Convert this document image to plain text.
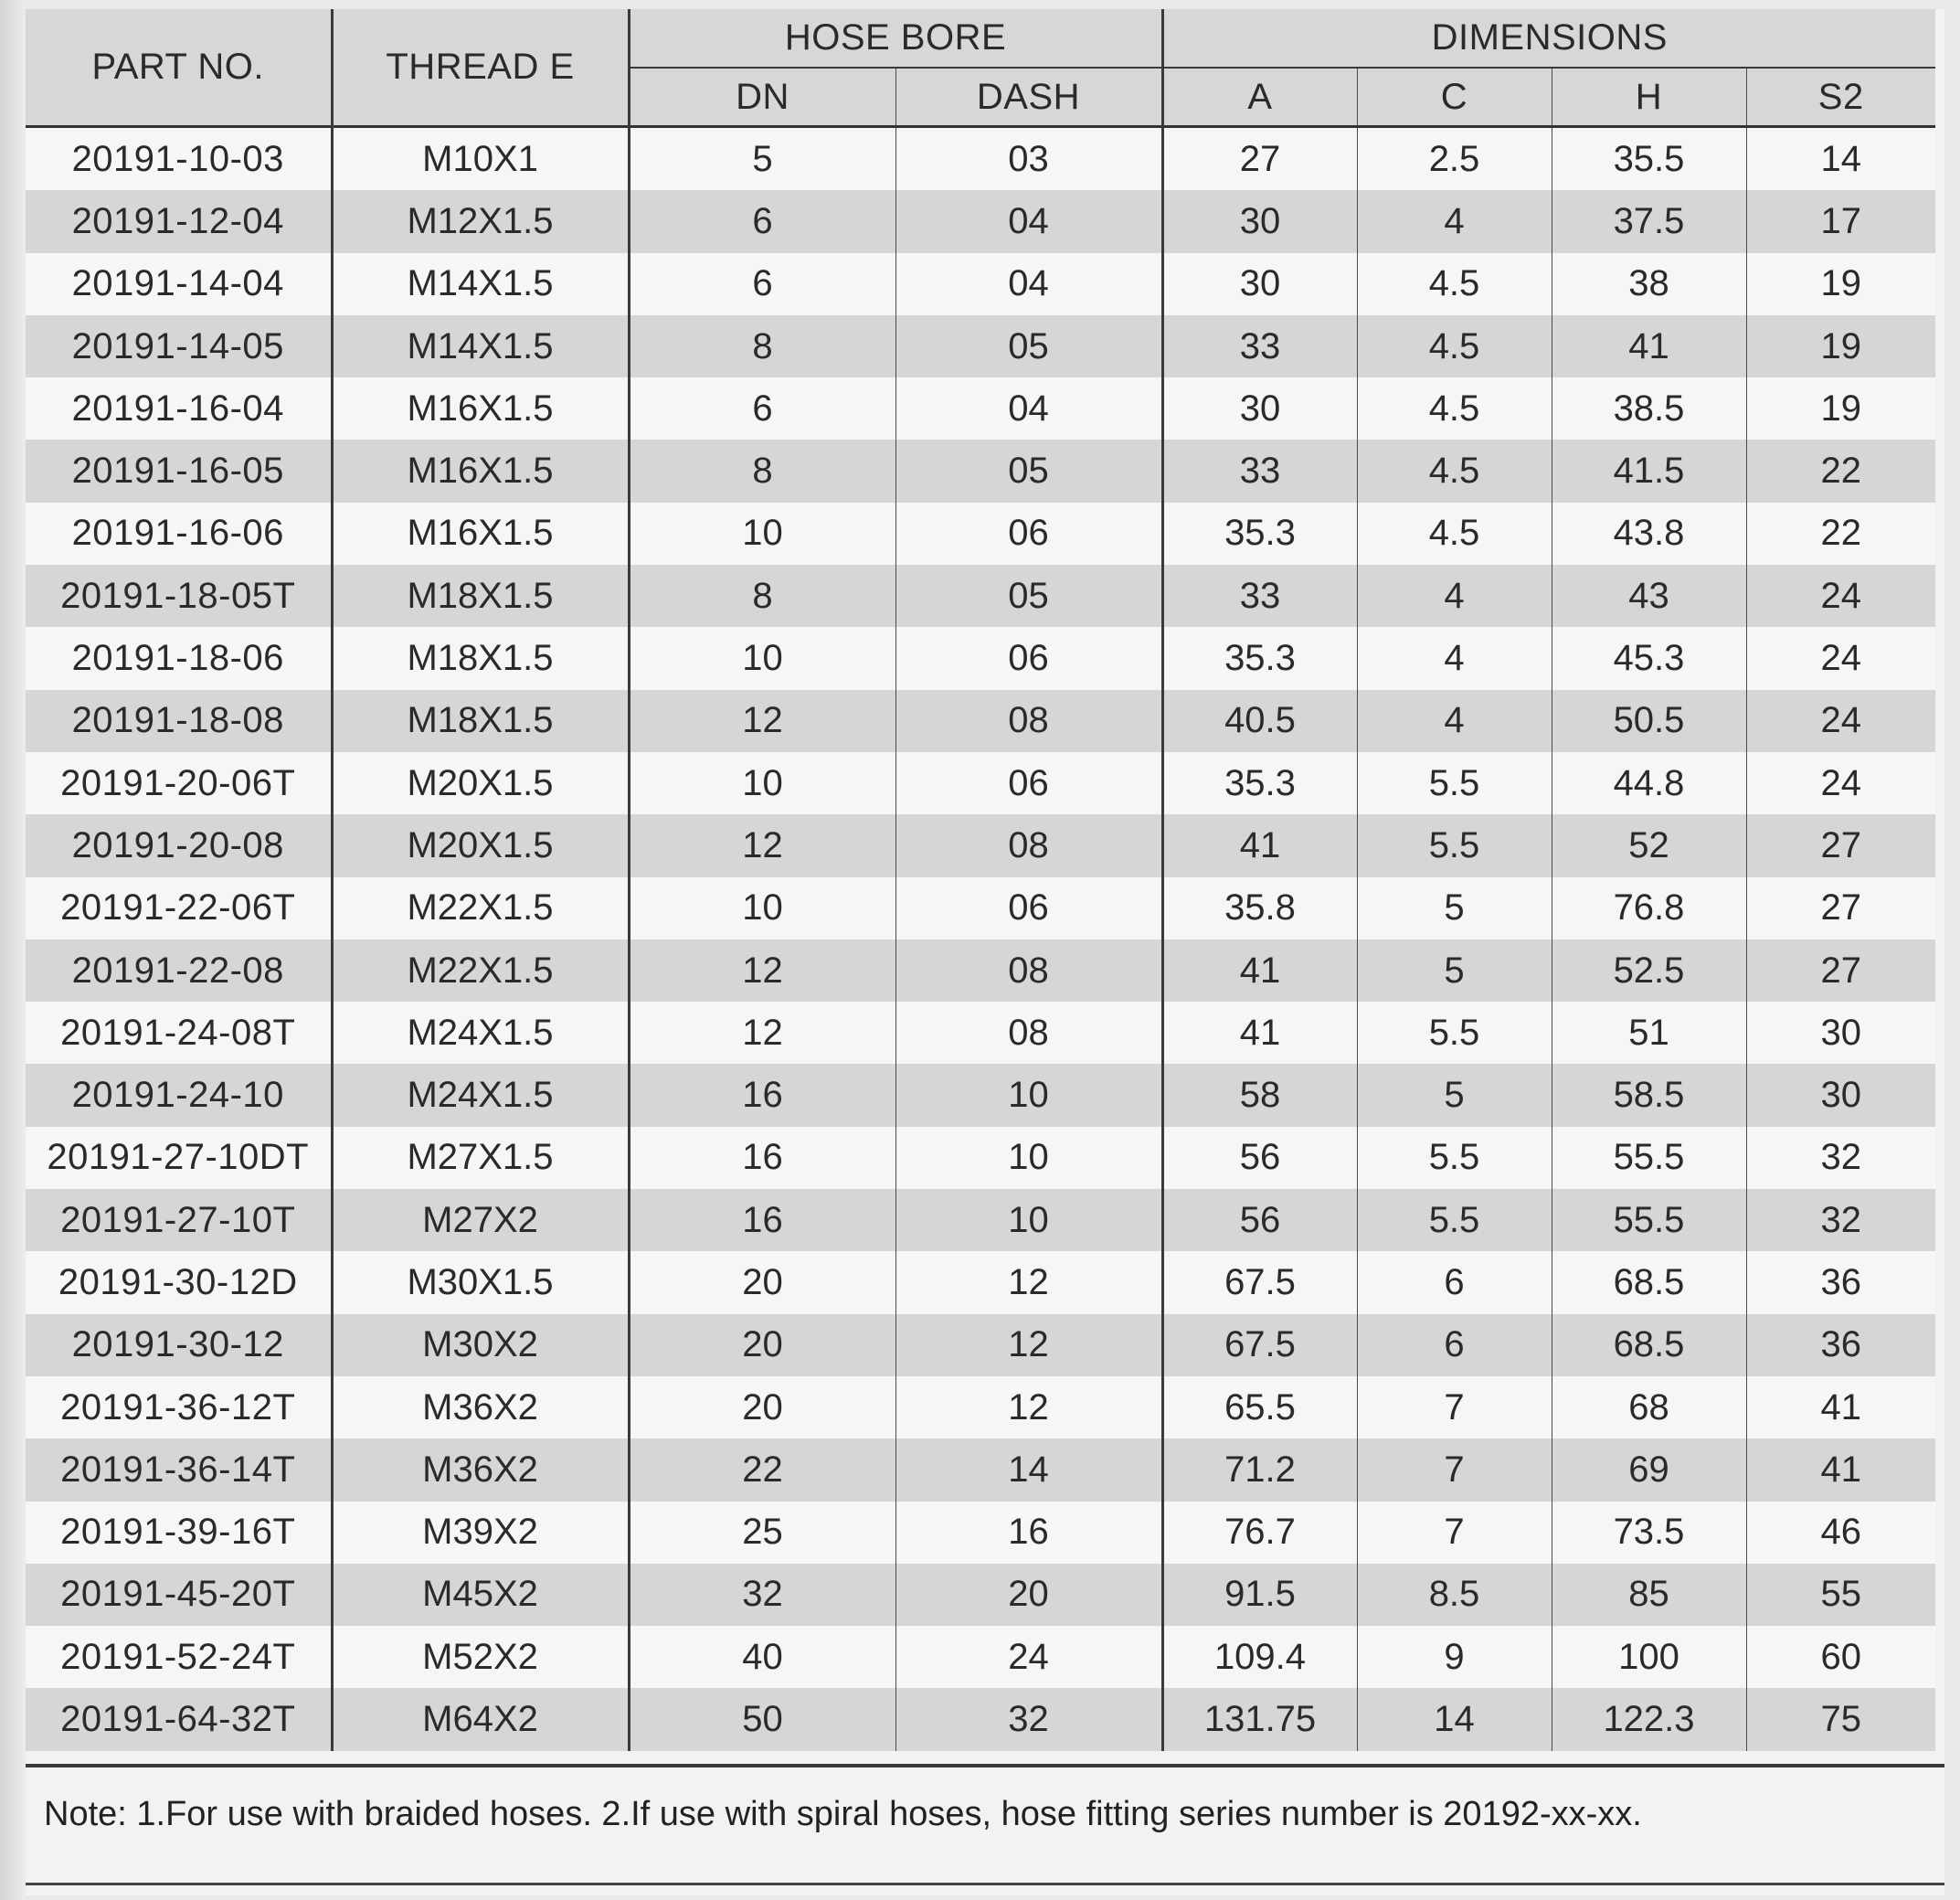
PART NO.	THREAD E	HOSE BORE		DIMENSIONS			
		DN	DASH	A	C	H	S2
20191-10-03	M10X1	5	03	27	2.5	35.5	14
20191-12-04	M12X1.5	6	04	30	4	37.5	17
20191-14-04	M14X1.5	6	04	30	4.5	38	19
20191-14-05	M14X1.5	8	05	33	4.5	41	19
20191-16-04	M16X1.5	6	04	30	4.5	38.5	19
20191-16-05	M16X1.5	8	05	33	4.5	41.5	22
20191-16-06	M16X1.5	10	06	35.3	4.5	43.8	22
20191-18-05T	M18X1.5	8	05	33	4	43	24
20191-18-06	M18X1.5	10	06	35.3	4	45.3	24
20191-18-08	M18X1.5	12	08	40.5	4	50.5	24
20191-20-06T	M20X1.5	10	06	35.3	5.5	44.8	24
20191-20-08	M20X1.5	12	08	41	5.5	52	27
20191-22-06T	M22X1.5	10	06	35.8	5	76.8	27
20191-22-08	M22X1.5	12	08	41	5	52.5	27
20191-24-08T	M24X1.5	12	08	41	5.5	51	30
20191-24-10	M24X1.5	16	10	58	5	58.5	30
20191-27-10DT	M27X1.5	16	10	56	5.5	55.5	32
20191-27-10T	M27X2	16	10	56	5.5	55.5	32
20191-30-12D	M30X1.5	20	12	67.5	6	68.5	36
20191-30-12	M30X2	20	12	67.5	6	68.5	36
20191-36-12T	M36X2	20	12	65.5	7	68	41
20191-36-14T	M36X2	22	14	71.2	7	69	41
20191-39-16T	M39X2	25	16	76.7	7	73.5	46
20191-45-20T	M45X2	32	20	91.5	8.5	85	55
20191-52-24T	M52X2	40	24	109.4	9	100	60
20191-64-32T	M64X2	50	32	131.75	14	122.3	75
Note: 1.For use with braided hoses. 2.If use with spiral hoses, hose fitting series number is 20192-xx-xx.
